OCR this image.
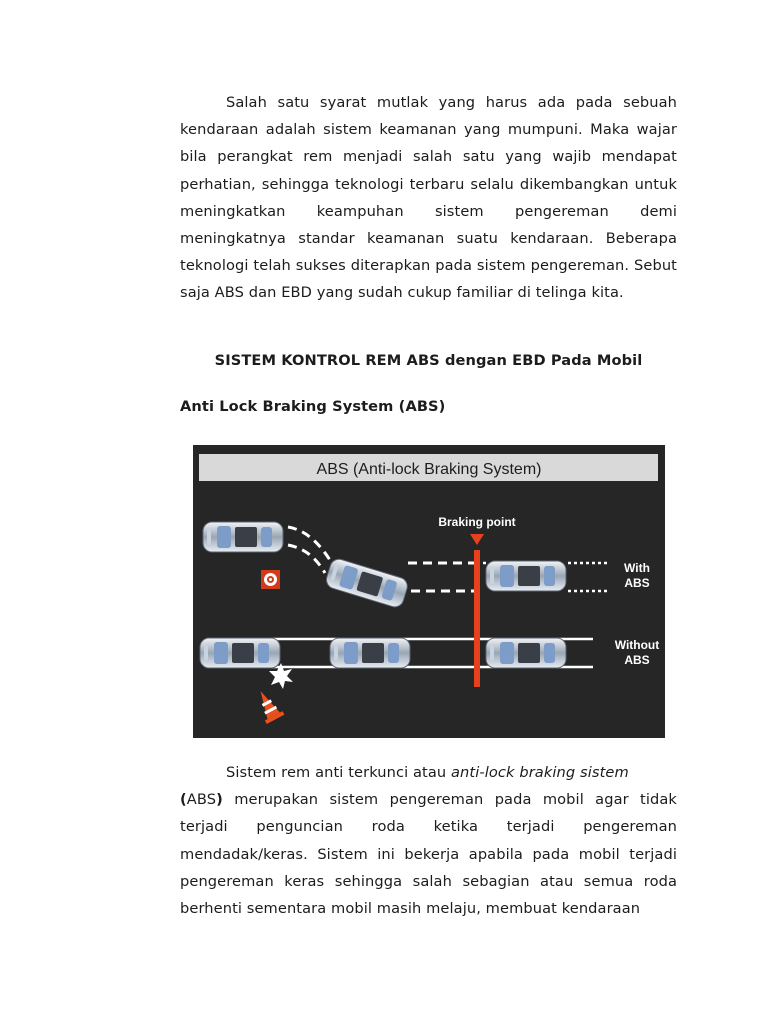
Salah satu syarat mutlak yang harus ada pada sebuah kendaraan adalah sistem keamanan yang mumpuni. Maka wajar bila perangkat rem menjadi salah satu yang wajib mendapat perhatian, sehingga teknologi terbaru selalu dikembangkan untuk meningkatkan keampuhan sistem pengereman demi meningkatnya standar keamanan suatu kendaraan. Beberapa teknologi telah sukses diterapkan pada sistem pengereman. Sebut saja ABS dan EBD yang sudah cukup familiar di telinga kita.

SISTEM KONTROL REM ABS dengan EBD Pada Mobil

Anti Lock Braking System (ABS)

ABS (Anti-lock Braking System)
Braking point
With
ABS
Without
ABS

Sistem rem anti terkunci atau anti-lock braking sistem
(ABS) merupakan sistem pengereman pada mobil agar tidak terjadi penguncian roda ketika terjadi pengereman mendadak/keras. Sistem ini bekerja apabila pada mobil terjadi pengereman keras sehingga salah sebagian atau semua roda berhenti sementara mobil masih melaju, membuat kendaraan
